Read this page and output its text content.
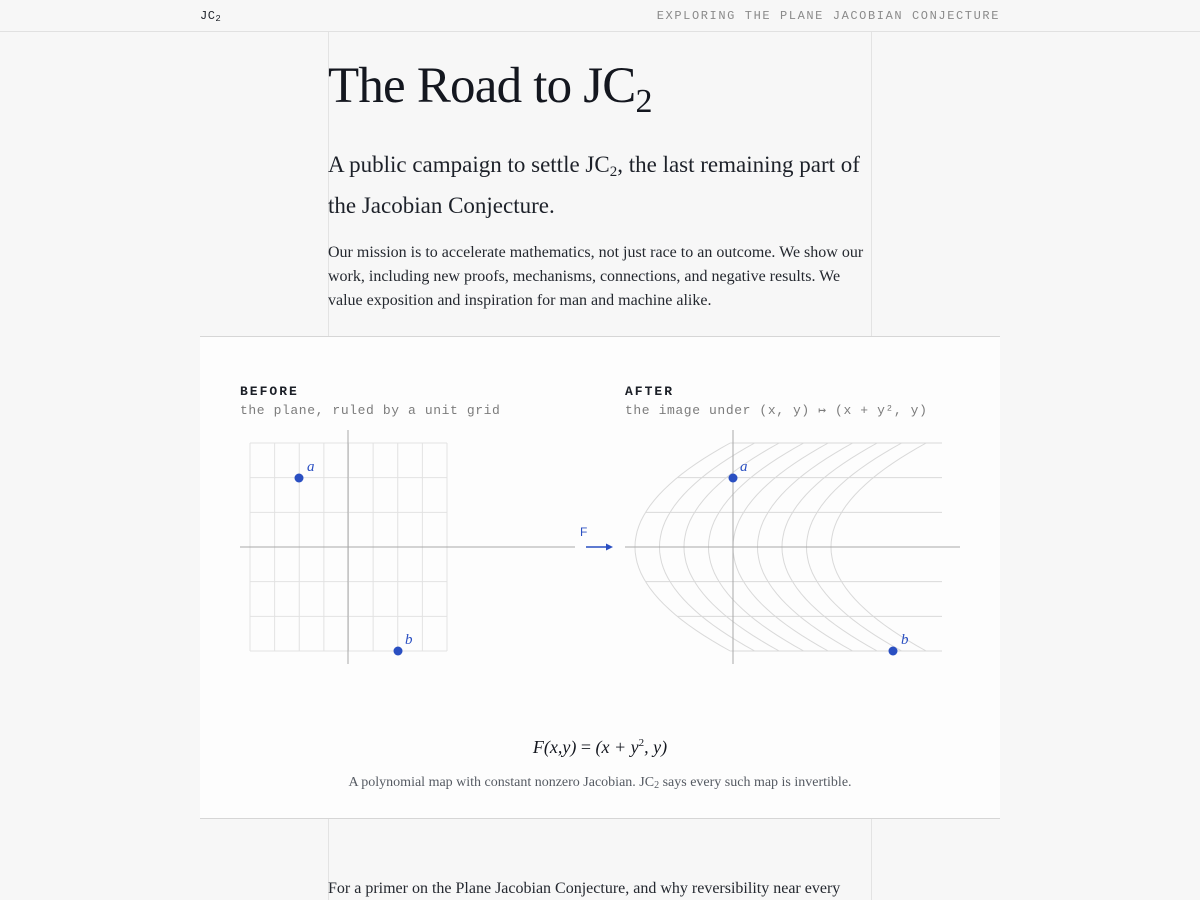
$JC_2$	EXPLORING THE PLANE JACOBIAN CONJECTURE
The Road to JC2

A public campaign to settle JC2, the last remaining part of the Jacobian Conjecture.

Our mission is to accelerate mathematics, not just race to an outcome. We show our work, including new proofs, mechanisms, connections, and negative results. We value exposition and inspiration for man and machine alike.

BEFORE
the plane, ruled by a unit grid
AFTER
the image under (x, y) ↦ (x + y², y)
F
a
b
a
b
$F(x,y) = (x + y^2$, y)

A polynomial map with constant nonzero Jacobian. JC2 says every such map is invertible.

For a primer on the Plane Jacobian Conjecture, and why reversibility near every
